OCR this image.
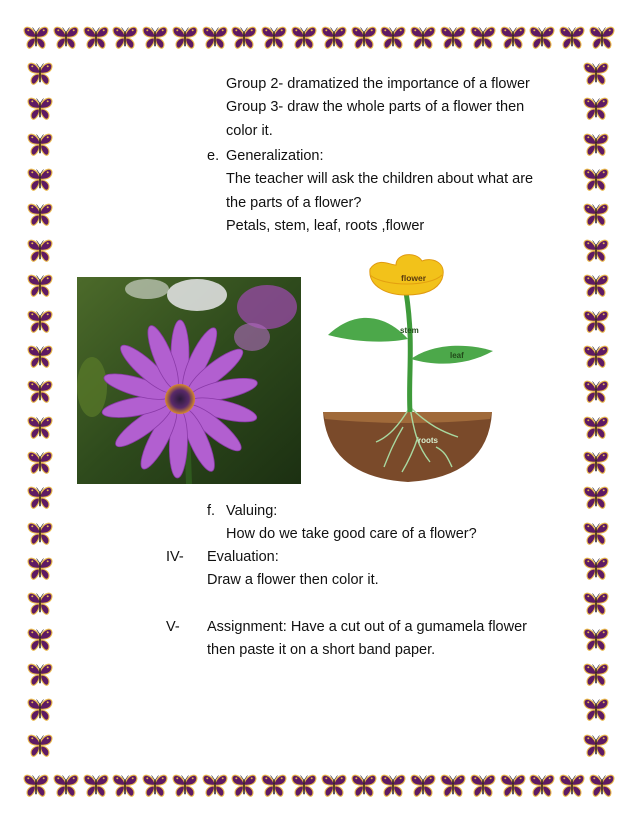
Group 2- dramatized the importance of a flower
Group 3- draw the whole parts of a flower then
color it.
e. Generalization:
The teacher will ask the children about what are
the parts of a flower?
Petals, stem, leaf, roots ,flower
flower
stem
leaf
roots
f. Valuing:
How do we take good care of a flower?
IV- Evaluation:
Draw a flower then color it.
V- Assignment: Have a cut out of a gumamela flower
then paste it on a short band paper.
